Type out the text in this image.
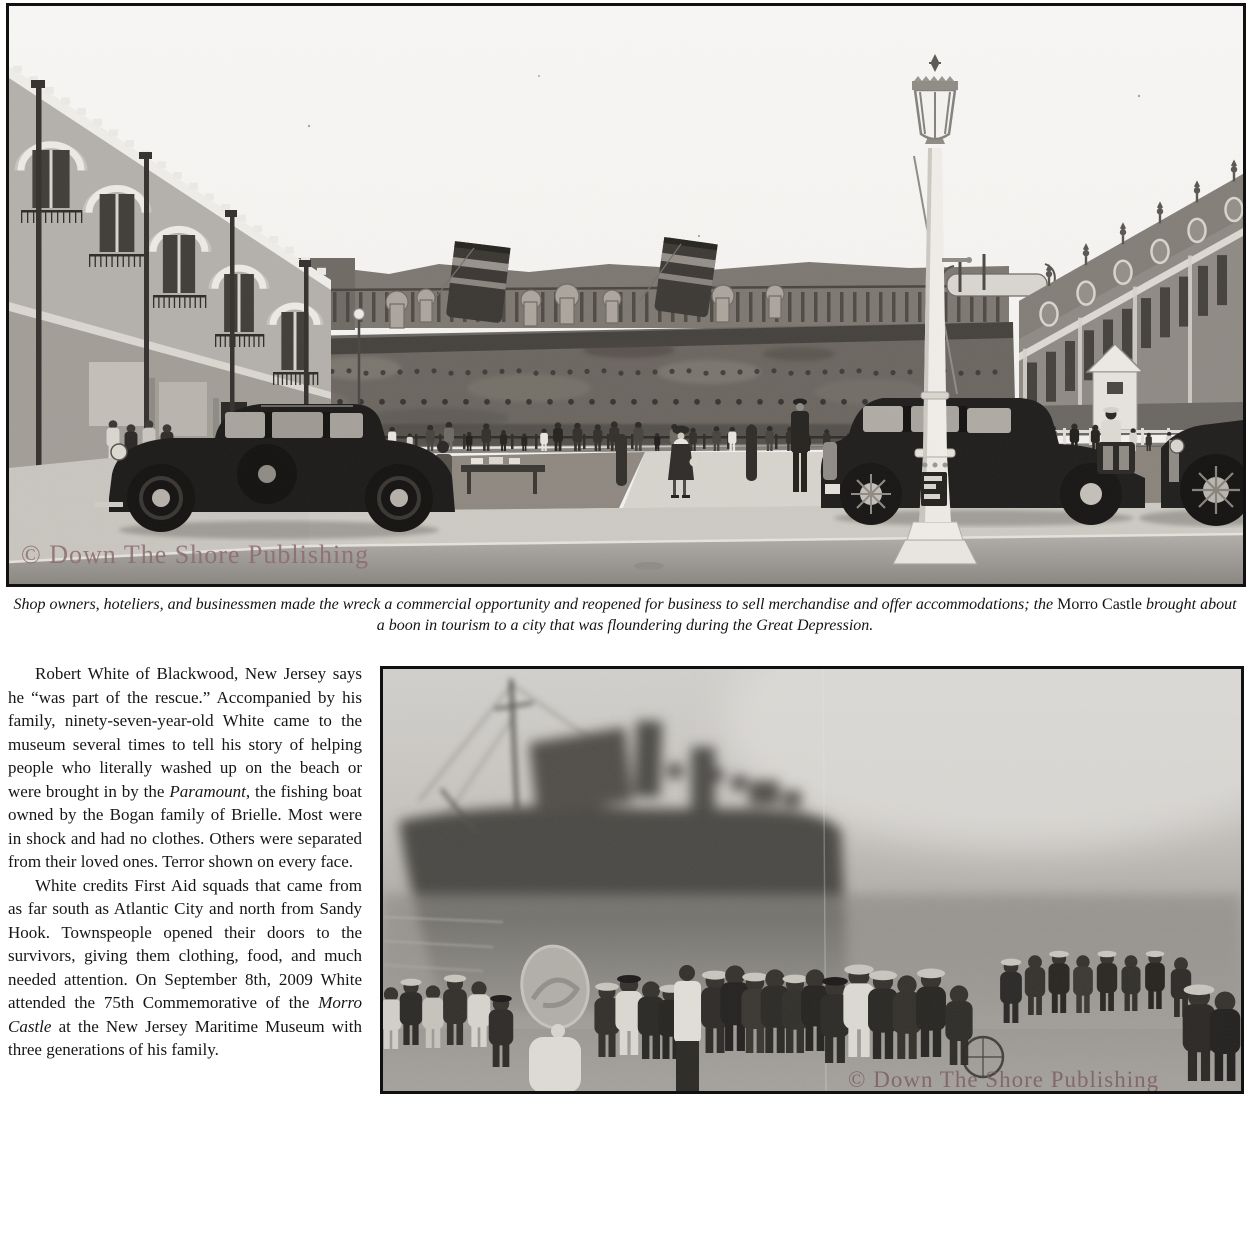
© Down The Shore Publishing
Shop owners, hoteliers, and businessmen made the wreck a commercial opportunity and reopened for business to sell merchandise and offer accommodations; the Morro Castle brought about a boon in tourism to a city that was floundering during the Great Depression.

Robert White of Blackwood, New Jersey says he “was part of the rescue.” Accompanied by his family, ninety-seven-year-old White came to the museum several times to tell his story of helping people who literally washed up on the beach or were brought in by the Paramount, the fishing boat owned by the Bogan family of Brielle. Most were in shock and had no clothes. Others were separated from their loved ones. Terror shown on every face.

White credits First Aid squads that came from as far south as Atlantic City and north from Sandy Hook. Townspeople opened their doors to the survivors, giving them clothing, food, and much needed attention. On September 8th, 2009 White attended the 75th Commemorative of the Morro Castle at the New Jersey Maritime Museum with three generations of his family.

© Down The Shore Publishing
